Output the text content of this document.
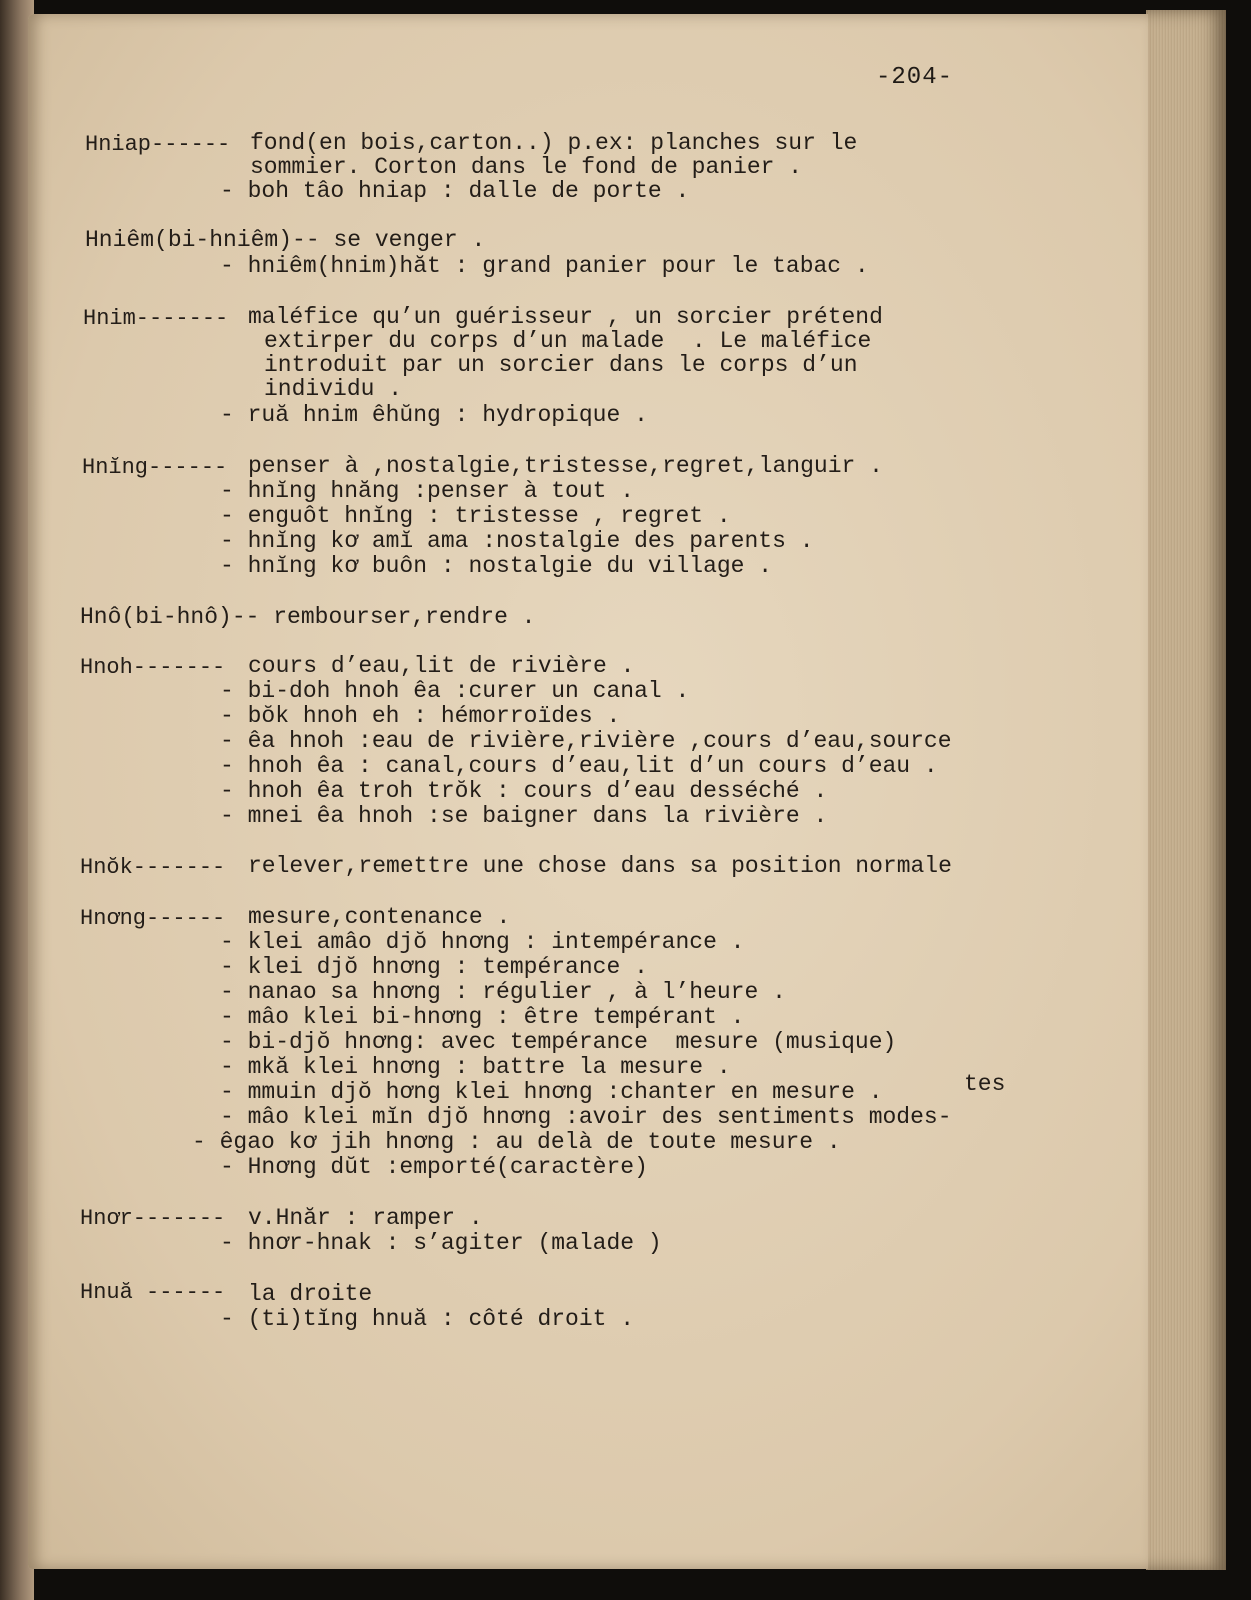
-204-
Hniap------ fond(en bois,carton..) p.ex: planches sur le
sommier. Corton dans le fond de panier .
- boh tâo hniap : dalle de porte .
Hniêm(bi-hniêm)-- se venger .
- hniêm(hnim)hăt : grand panier pour le tabac .
Hnim------- maléfice qu’un guérisseur , un sorcier prétend
extirper du corps d’un malade  . Le maléfice
introduit par un sorcier dans le corps d’un
individu .
- ruă hnim êhŭng : hydropique .
Hnĭng------ penser à ,nostalgie,tristesse,regret,languir .
- hnĭng hnăng :penser à tout .
- enguôt hnĭng : tristesse , regret .
- hnĭng kơ amĭ ama :nostalgie des parents .
- hnĭng kơ buôn : nostalgie du village .
Hnô(bi-hnô)-- rembourser,rendre .
Hnoh------- cours d’eau,lit de rivière .
- bi-doh hnoh êa :curer un canal .
- bŏk hnoh eh : hémorroïdes .
- êa hnoh :eau de rivière,rivière ,cours d’eau,source
- hnoh êa : canal,cours d’eau,lit d’un cours d’eau .
- hnoh êa troh trŏk : cours d’eau desséché .
- mnei êa hnoh :se baigner dans la rivière .
Hnŏk------- relever,remettre une chose dans sa position normale
Hnơng------ mesure,contenance .
- klei amâo djŏ hnơng : intempérance .
- klei djŏ hnơng : tempérance .
- nanao sa hnơng : régulier , à l’heure .
- mâo klei bi-hnơng : être tempérant .
- bi-djŏ hnơng: avec tempérance  mesure (musique)
- mkă klei hnơng : battre la mesure .
- mmuin djŏ hơng klei hnơng :chanter en mesure .	tes
- mâo klei mĭn djŏ hnơng :avoir des sentiments modes-
- êgao kơ jih hnơng : au delà de toute mesure .
- Hnơng dŭt :emporté(caractère)
Hnơr------- v.Hnăr : ramper .
- hnơr-hnak : s’agiter (malade )
Hnuă ------ la droite
- (ti)tĭng hnuă : côté droit .
